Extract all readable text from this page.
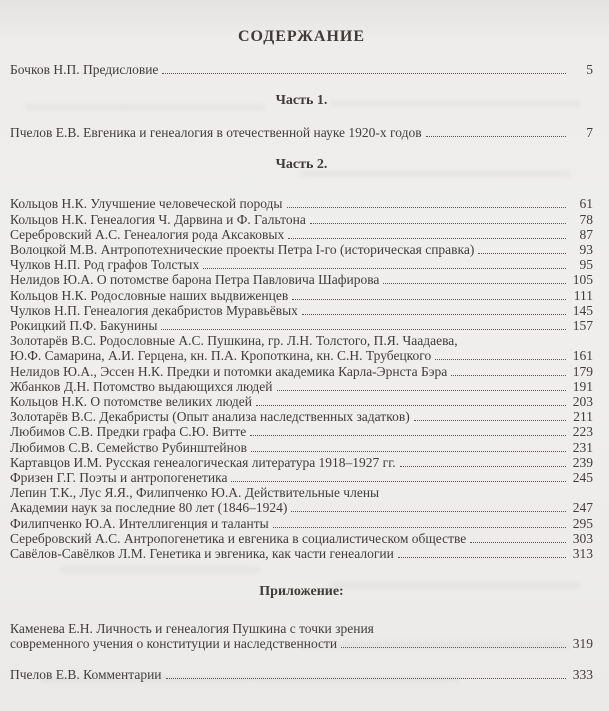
СОДЕРЖАНИЕ
Бочков Н.П. Предисловие	5
Часть 1.
Пчелов Е.В. Евгеника и генеалогия в отечественной науке 1920-х годов	7
Часть 2.
Кольцов Н.К. Улучшение человеческой породы	61
Кольцов Н.К. Генеалогия Ч. Дарвина и Ф. Гальтона	78
Серебровский А.С. Генеалогия рода Аксаковых	87
Волоцкой М.В. Антропотехнические проекты Петра I-го (историческая справка)	93
Чулков Н.П. Род графов Толстых	95
Нелидов Ю.А. О потомстве барона Петра Павловича Шафирова	105
Кольцов Н.К. Родословные наших выдвиженцев	111
Чулков Н.П. Генеалогия декабристов Муравьёвых	145
Рокицкий П.Ф. Бакунины	157
Золотарёв В.С. Родословные А.С. Пушкина, гр. Л.Н. Толстого, П.Я. Чаадаева,
Ю.Ф. Самарина, А.И. Герцена, кн. П.А. Кропоткина, кн. С.Н. Трубецкого	161
Нелидов Ю.А., Эссен Н.К. Предки и потомки академика Карла-Эрнста Бэра	179
Жбанков Д.Н. Потомство выдающихся людей	191
Кольцов Н.К. О потомстве великих людей	203
Золотарёв В.С. Декабристы (Опыт анализа наследственных задатков)	211
Любимов С.В. Предки графа С.Ю. Витте	223
Любимов С.В. Семейство Рубинштейнов	231
Картавцов И.М. Русская генеалогическая литература 1918–1927 гг.	239
Фризен Г.Г. Поэты и антропогенетика	245
Лепин Т.К., Лус Я.Я., Филипченко Ю.А. Действительные члены
Академии наук за последние 80 лет (1846–1924)	247
Филипченко Ю.А. Интеллигенция и таланты	295
Серебровский А.С. Антропогенетика и евгеника в социалистическом обществе	303
Савёлов-Савёлков Л.М. Генетика и эвгеника, как части генеалогии	313
Приложение:
Каменева Е.Н. Личность и генеалогия Пушкина с точки зрения
современного учения о конституции и наследственности	319
Пчелов Е.В. Комментарии	333
